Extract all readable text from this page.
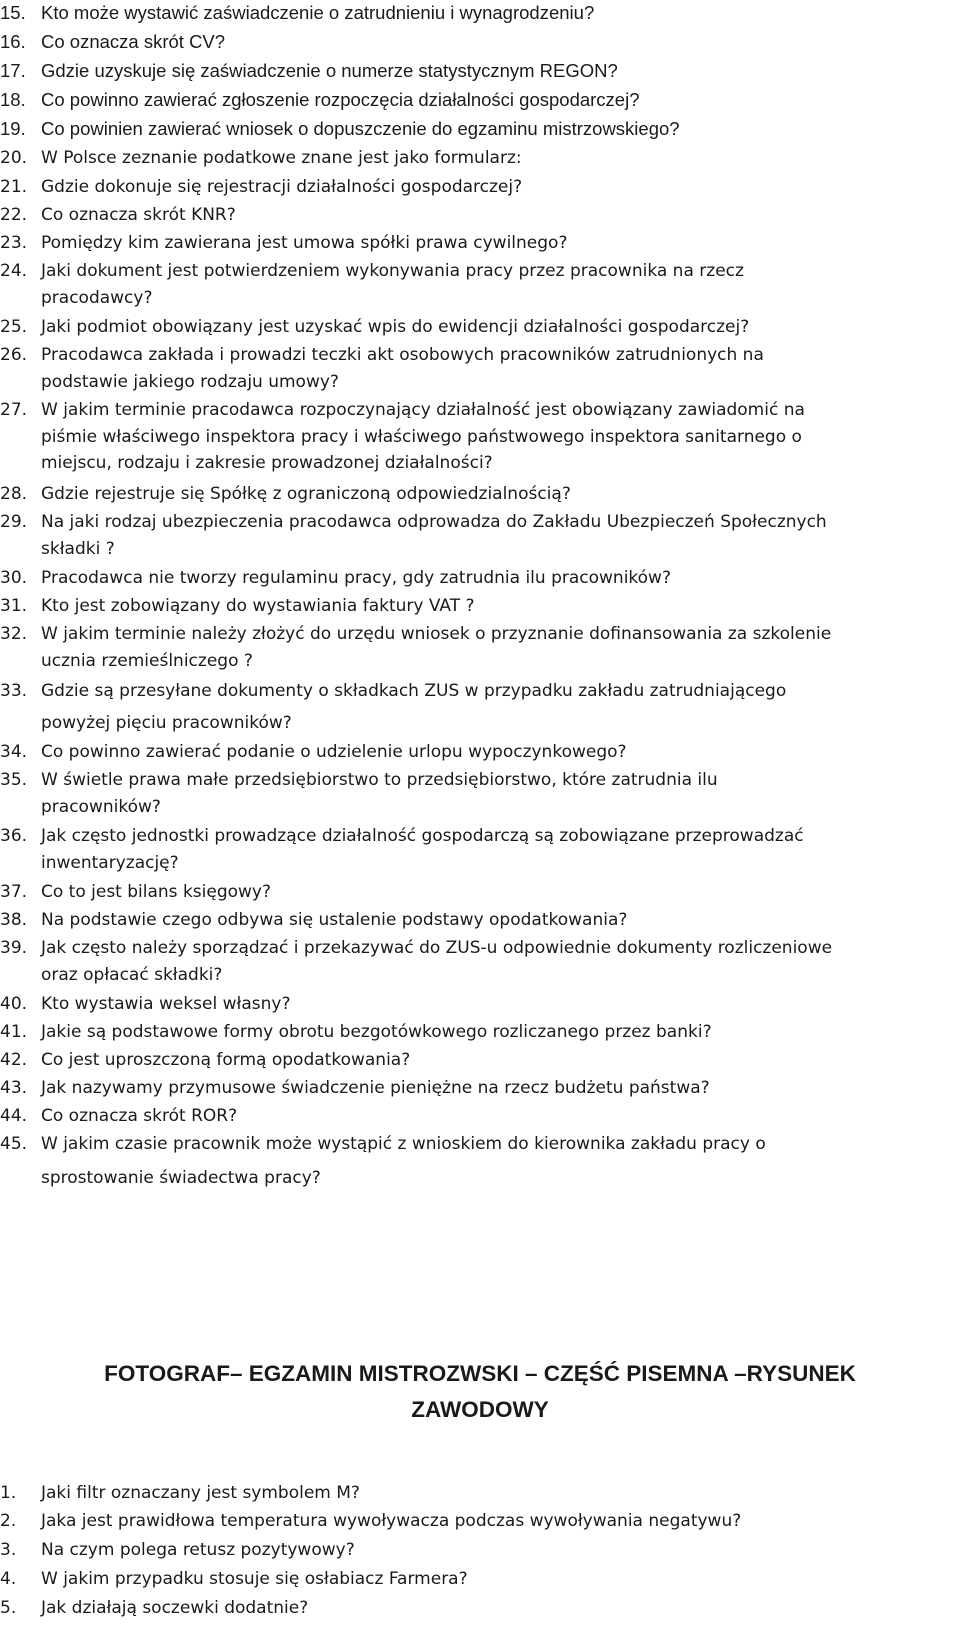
15. Kto może wystawić zaświadczenie o zatrudnieniu i wynagrodzeniu?
16. Co oznacza skrót CV?
17. Gdzie uzyskuje się zaświadczenie o numerze statystycznym REGON?
18. Co powinno zawierać zgłoszenie rozpoczęcia działalności gospodarczej?
19. Co powinien zawierać wniosek o dopuszczenie do egzaminu mistrzowskiego?
20. W Polsce zeznanie podatkowe znane jest jako formularz:
21. Gdzie dokonuje się rejestracji działalności gospodarczej?
22. Co oznacza skrót KNR?
23. Pomiędzy kim zawierana jest umowa spółki prawa cywilnego?
24. Jaki dokument jest potwierdzeniem wykonywania pracy przez pracownika na rzecz
pracodawcy?
25. Jaki podmiot obowiązany jest uzyskać wpis do ewidencji działalności gospodarczej?
26. Pracodawca zakłada i prowadzi teczki akt osobowych pracowników zatrudnionych na
podstawie jakiego rodzaju umowy?
27. W jakim terminie pracodawca rozpoczynający działalność jest obowiązany zawiadomić na
piśmie właściwego inspektora pracy i właściwego państwowego inspektora sanitarnego o
miejscu, rodzaju i zakresie prowadzonej działalności?
28. Gdzie rejestruje się Spółkę z ograniczoną odpowiedzialnością?
29. Na jaki rodzaj ubezpieczenia pracodawca odprowadza do Zakładu Ubezpieczeń Społecznych
składki ?
30. Pracodawca nie tworzy regulaminu pracy, gdy zatrudnia ilu pracowników?
31. Kto jest zobowiązany do wystawiania faktury VAT ?
32. W jakim terminie należy złożyć do urzędu wniosek o przyznanie dofinansowania za szkolenie
ucznia rzemieślniczego ?
33. Gdzie są przesyłane dokumenty o składkach ZUS w przypadku zakładu zatrudniającego
powyżej pięciu pracowników?
34. Co powinno zawierać podanie o udzielenie urlopu wypoczynkowego?
35. W świetle prawa małe przedsiębiorstwo to przedsiębiorstwo, które zatrudnia ilu
pracowników?
36. Jak często jednostki prowadzące działalność gospodarczą są zobowiązane przeprowadzać
inwentaryzację?
37. Co to jest bilans księgowy?
38. Na podstawie czego odbywa się ustalenie podstawy opodatkowania?
39. Jak często należy sporządzać i przekazywać do ZUS-u odpowiednie dokumenty rozliczeniowe
oraz opłacać składki?
40. Kto wystawia weksel własny?
41. Jakie są podstawowe formy obrotu bezgotówkowego rozliczanego przez banki?
42. Co jest uproszczoną formą opodatkowania?
43. Jak nazywamy przymusowe świadczenie pieniężne na rzecz budżetu państwa?
44. Co oznacza skrót ROR?
45. W jakim czasie pracownik może wystąpić z wnioskiem do kierownika zakładu pracy o
sprostowanie świadectwa pracy?
FOTOGRAF– EGZAMIN MISTROZWSKI – CZĘŚĆ PISEMNA –RYSUNEK
ZAWODOWY
1. Jaki filtr oznaczany jest symbolem M?
2. Jaka jest prawidłowa temperatura wywoływacza podczas wywoływania negatywu?
3. Na czym polega retusz pozytywowy?
4. W jakim przypadku stosuje się osłabiacz Farmera?
5. Jak działają soczewki dodatnie?
